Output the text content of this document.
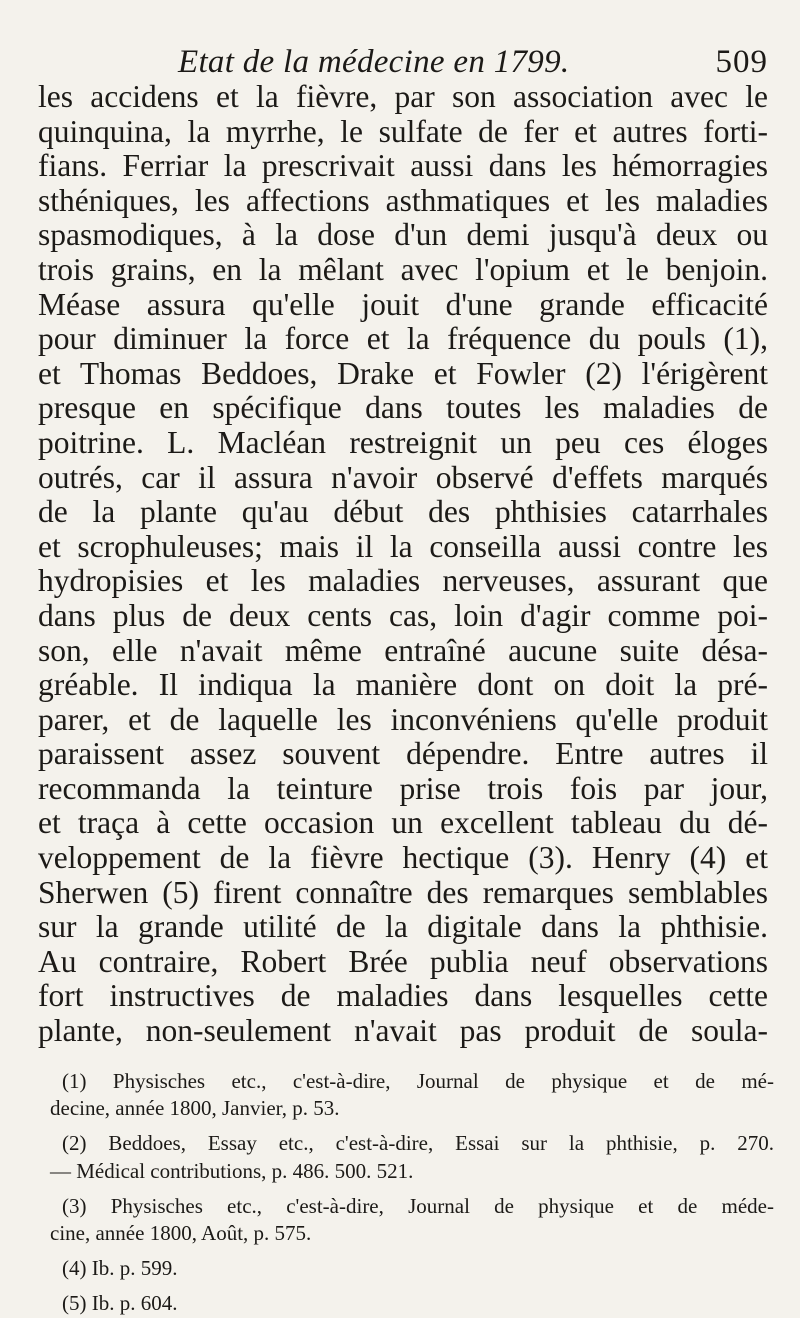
Etat de la médecine en 1799.	509
les accidens et la fièvre, par son association avec le
quinquina, la myrrhe, le sulfate de fer et autres forti-
fians. Ferriar la prescrivait aussi dans les hémorragies
sthéniques, les affections asthmatiques et les maladies
spasmodiques, à la dose d'un demi jusqu'à deux ou
trois grains, en la mêlant avec l'opium et le benjoin.
Méase assura qu'elle jouit d'une grande efficacité
pour diminuer la force et la fréquence du pouls (1),
et Thomas Beddoes, Drake et Fowler (2) l'érigèrent
presque en spécifique dans toutes les maladies de
poitrine. L. Macléan restreignit un peu ces éloges
outrés, car il assura n'avoir observé d'effets marqués
de la plante qu'au début des phthisies catarrhales
et scrophuleuses; mais il la conseilla aussi contre les
hydropisies et les maladies nerveuses, assurant que
dans plus de deux cents cas, loin d'agir comme poi-
son, elle n'avait même entraîné aucune suite désa-
gréable. Il indiqua la manière dont on doit la pré-
parer, et de laquelle les inconvéniens qu'elle produit
paraissent assez souvent dépendre. Entre autres il
recommanda la teinture prise trois fois par jour,
et traça à cette occasion un excellent tableau du dé-
veloppement de la fièvre hectique (3). Henry (4) et
Sherwen (5) firent connaître des remarques semblables
sur la grande utilité de la digitale dans la phthisie.
Au contraire, Robert Brée publia neuf observations
fort instructives de maladies dans lesquelles cette
plante, non-seulement n'avait pas produit de soula-
(1) Physisches etc., c'est-à-dire, Journal de physique et de mé-
decine, année 1800, Janvier, p. 53.
(2) Beddoes, Essay etc., c'est-à-dire, Essai sur la phthisie, p. 270.
— Médical contributions, p. 486. 500. 521.
(3) Physisches etc., c'est-à-dire, Journal de physique et de méde-
cine, année 1800, Août, p. 575.
(4) Ib. p. 599.
(5) Ib. p. 604.
